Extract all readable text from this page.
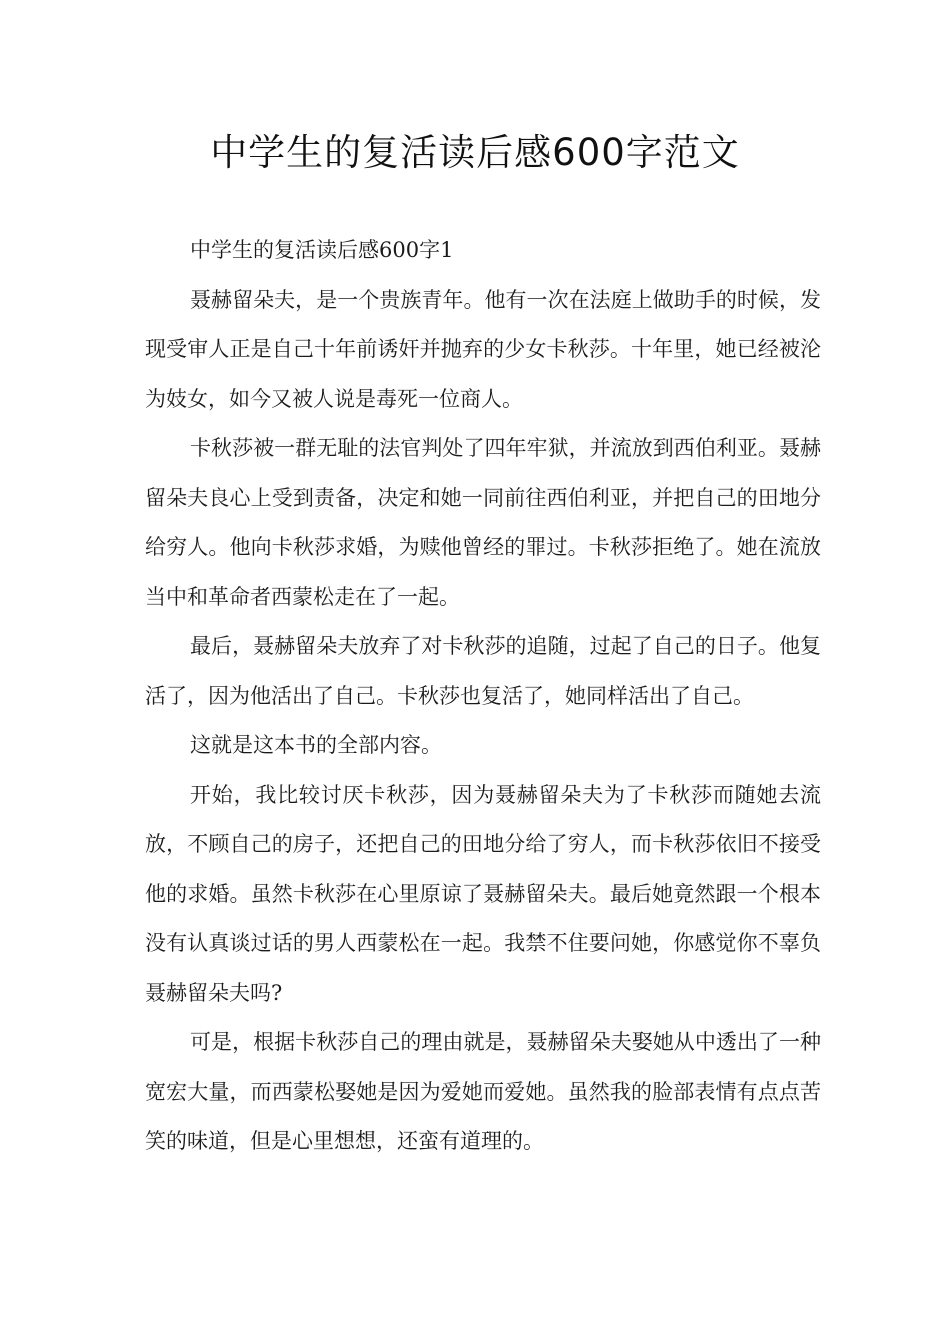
中学生的复活读后感600字范文

中学生的复活读后感600字1

聂赫留朵夫，是一个贵族青年。他有一次在法庭上做助手的时候，发现受审人正是自己十年前诱奸并抛弃的少女卡秋莎。十年里，她已经被沦为妓女，如今又被人说是毒死一位商人。

卡秋莎被一群无耻的法官判处了四年牢狱，并流放到西伯利亚。聂赫留朵夫良心上受到责备，决定和她一同前往西伯利亚，并把自己的田地分给穷人。他向卡秋莎求婚，为赎他曾经的罪过。卡秋莎拒绝了。她在流放当中和革命者西蒙松走在了一起。

最后，聂赫留朵夫放弃了对卡秋莎的追随，过起了自己的日子。他复活了，因为他活出了自己。卡秋莎也复活了，她同样活出了自己。

这就是这本书的全部内容。

开始，我比较讨厌卡秋莎，因为聂赫留朵夫为了卡秋莎而随她去流放，不顾自己的房子，还把自己的田地分给了穷人，而卡秋莎依旧不接受他的求婚。虽然卡秋莎在心里原谅了聂赫留朵夫。最后她竟然跟一个根本没有认真谈过话的男人西蒙松在一起。我禁不住要问她，你感觉你不辜负聂赫留朵夫吗?

可是，根据卡秋莎自己的理由就是，聂赫留朵夫娶她从中透出了一种宽宏大量，而西蒙松娶她是因为爱她而爱她。虽然我的脸部表情有点点苦笑的味道，但是心里想想，还蛮有道理的。
